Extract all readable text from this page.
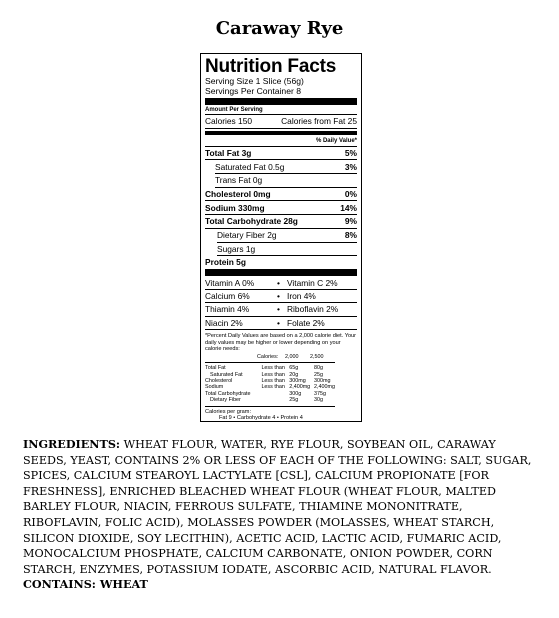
Caraway Rye
Nutrition Facts
Serving Size 1 Slice (56g)
Servings Per Container 8
Amount Per Serving
Calories 150	Calories from Fat 25
% Daily Value*
Total Fat 3g	5%
Saturated Fat 0.5g	3%
Trans Fat 0g
Cholesterol 0mg	0%
Sodium 330mg	14%
Total Carbohydrate 28g	9%
Dietary Fiber 2g	8%
Sugars 1g
Protein 5g
Vitamin A 0%	• Vitamin C 2%
Calcium 6%	• Iron 4%
Thiamin 4%	• Riboflavin 2%
Niacin 2%	• Folate 2%
*Percent Daily Values are based on a 2,000 calorie diet. Your daily values may be higher or lower depending on your calorie needs:
	Calories:	2,000	2,500
Total Fat	Less than	65g	80g
Saturated Fat	Less than	20g	25g
Cholesterol	Less than	300mg	300mg
Sodium	Less than	2,400mg	2,400mg
Total Carbohydrate		300g	375g
Dietary Fiber		25g	30g
Calories per gram:
Fat 9 • Carbohydrate 4 • Protein 4
INGREDIENTS: WHEAT FLOUR, WATER, RYE FLOUR, SOYBEAN OIL, CARAWAY SEEDS, YEAST, CONTAINS 2% OR LESS OF EACH OF THE FOLLOWING: SALT, SUGAR, SPICES, CALCIUM STEAROYL LACTYLATE [CSL], CALCIUM PROPIONATE [FOR FRESHNESS], ENRICHED BLEACHED WHEAT FLOUR (WHEAT FLOUR, MALTED BARLEY FLOUR, NIACIN, FERROUS SULFATE, THIAMINE MONONITRATE, RIBOFLAVIN, FOLIC ACID), MOLASSES POWDER (MOLASSES, WHEAT STARCH, SILICON DIOXIDE, SOY LECITHIN), ACETIC ACID, LACTIC ACID, FUMARIC ACID, MONOCALCIUM PHOSPHATE, CALCIUM CARBONATE, ONION POWDER, CORN STARCH, ENZYMES, POTASSIUM IODATE, ASCORBIC ACID, NATURAL FLAVOR.
CONTAINS: WHEAT
